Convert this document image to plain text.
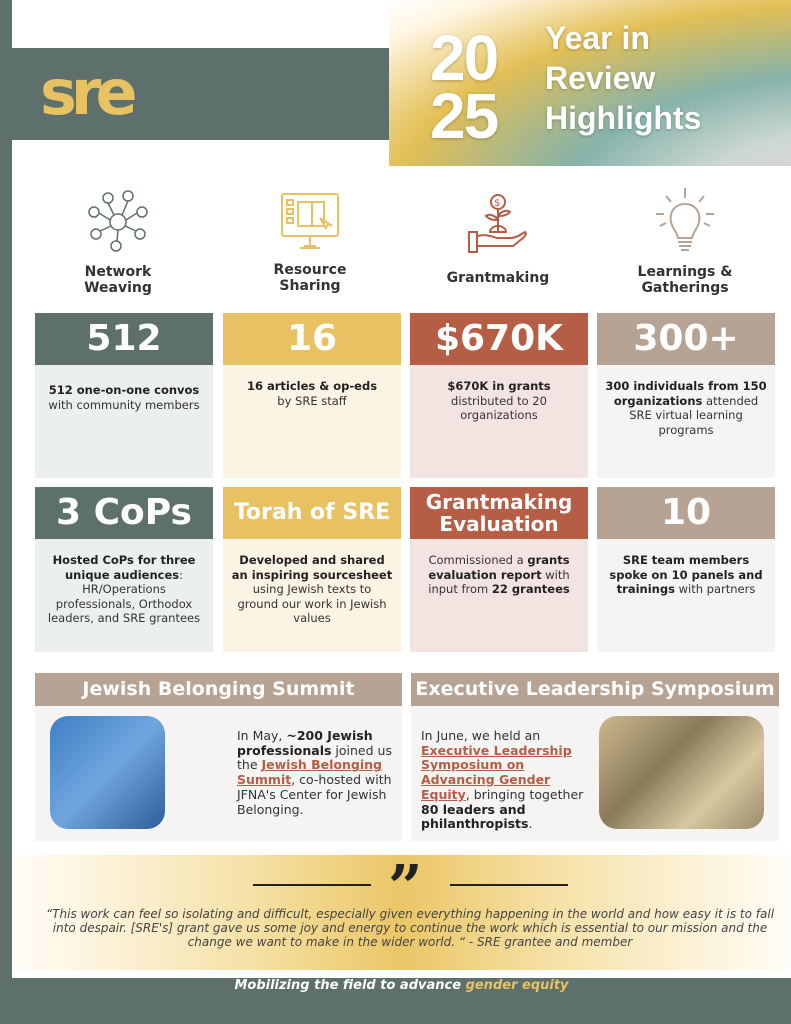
sre	20
25
Year in
Review
Highlights
Network
Weaving
Resource
Sharing
$
Grantmaking	Learnings &
Gatherings
512
512 one-on-one convos with community members
16
16 articles & op-eds
by SRE staff
$670K
$670K in grants
distributed to 20 organizations
300+
300 individuals from 150 organizations attended SRE virtual learning programs
3 CoPs
Hosted CoPs for three unique audiences: HR/Operations professionals, Orthodox leaders, and SRE grantees
Torah of SRE
Developed and shared an inspiring sourcesheet using Jewish texts to ground our work in Jewish values
Grantmaking Evaluation
Commissioned a grants evaluation report with input from 22 grantees
10
SRE team members spoke on 10 panels and trainings with partners
Jewish Belonging Summit
In May, ~200 Jewish professionals joined us the Jewish Belonging Summit, co-hosted with JFNA's Center for Jewish Belonging.
Executive Leadership Symposium
In June, we held an Executive Leadership Symposium on Advancing Gender Equity, bringing together 80 leaders and philanthropists.
”
“This work can feel so isolating and difficult, especially given everything happening in the world and how easy it is to fall into despair. [SRE's] grant gave us some joy and energy to continue the work which is essential to our mission and the change we want to make in the wider world. “ - SRE grantee and member
Mobilizing the field to advance gender equity
